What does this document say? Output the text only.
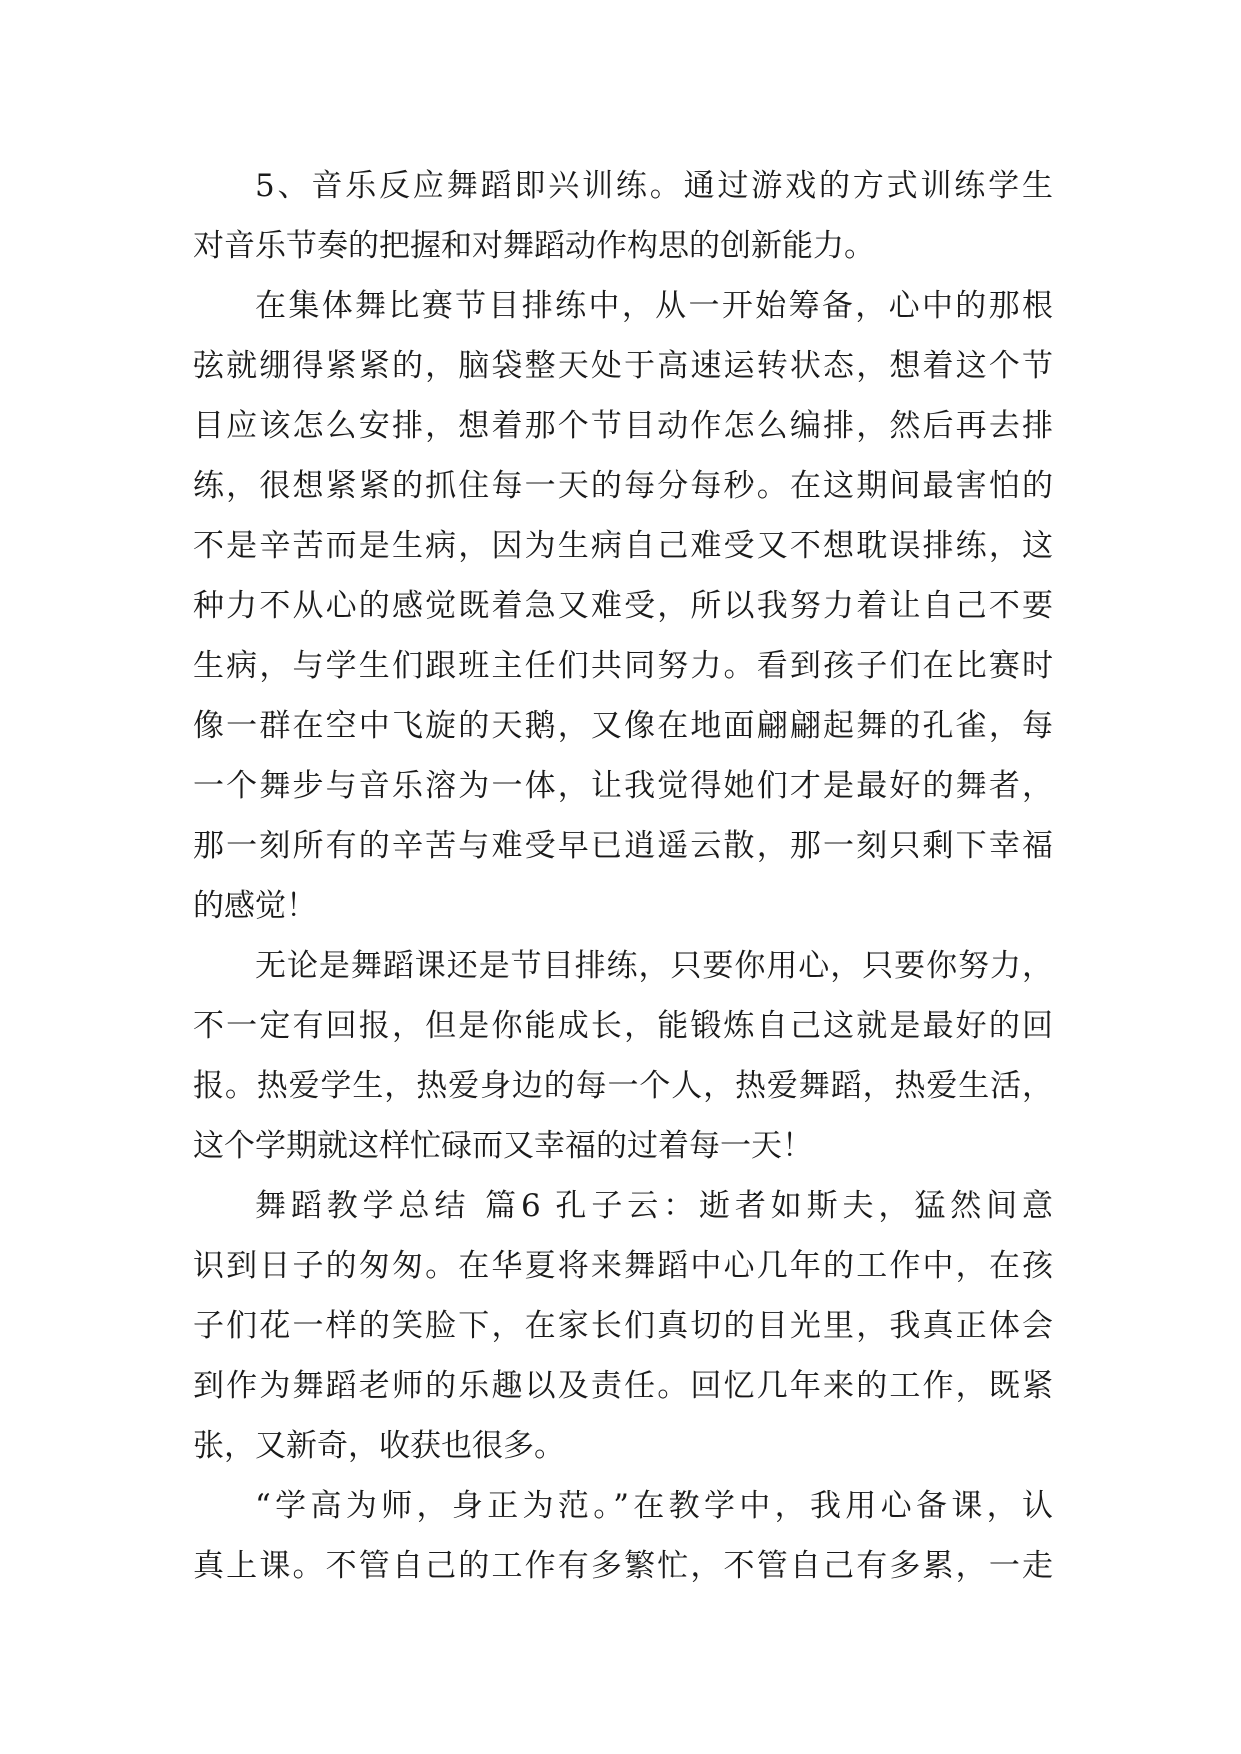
5、音乐反应舞蹈即兴训练。通过游戏的方式训练学生
对音乐节奏的把握和对舞蹈动作构思的创新能力。
在集体舞比赛节目排练中，从一开始筹备，心中的那根
弦就绷得紧紧的，脑袋整天处于高速运转状态，想着这个节
目应该怎么安排，想着那个节目动作怎么编排，然后再去排
练，很想紧紧的抓住每一天的每分每秒。在这期间最害怕的
不是辛苦而是生病，因为生病自己难受又不想耽误排练，这
种力不从心的感觉既着急又难受，所以我努力着让自己不要
生病，与学生们跟班主任们共同努力。看到孩子们在比赛时
像一群在空中飞旋的天鹅，又像在地面翩翩起舞的孔雀，每
一个舞步与音乐溶为一体，让我觉得她们才是最好的舞者，
那一刻所有的辛苦与难受早已逍遥云散，那一刻只剩下幸福
的感觉！
无论是舞蹈课还是节目排练，只要你用心，只要你努力，
不一定有回报，但是你能成长，能锻炼自己这就是最好的回
报。热爱学生，热爱身边的每一个人，热爱舞蹈，热爱生活，
这个学期就这样忙碌而又幸福的过着每一天！
舞蹈教学总结 篇6 孔子云：逝者如斯夫，猛然间意
识到日子的匆匆。在华夏将来舞蹈中心几年的工作中，在孩
子们花一样的笑脸下，在家长们真切的目光里，我真正体会
到作为舞蹈老师的乐趣以及责任。回忆几年来的工作，既紧
张，又新奇，收获也很多。
“学高为师，身正为范。”在教学中，我用心备课，认
真上课。不管自己的工作有多繁忙，不管自己有多累，一走
